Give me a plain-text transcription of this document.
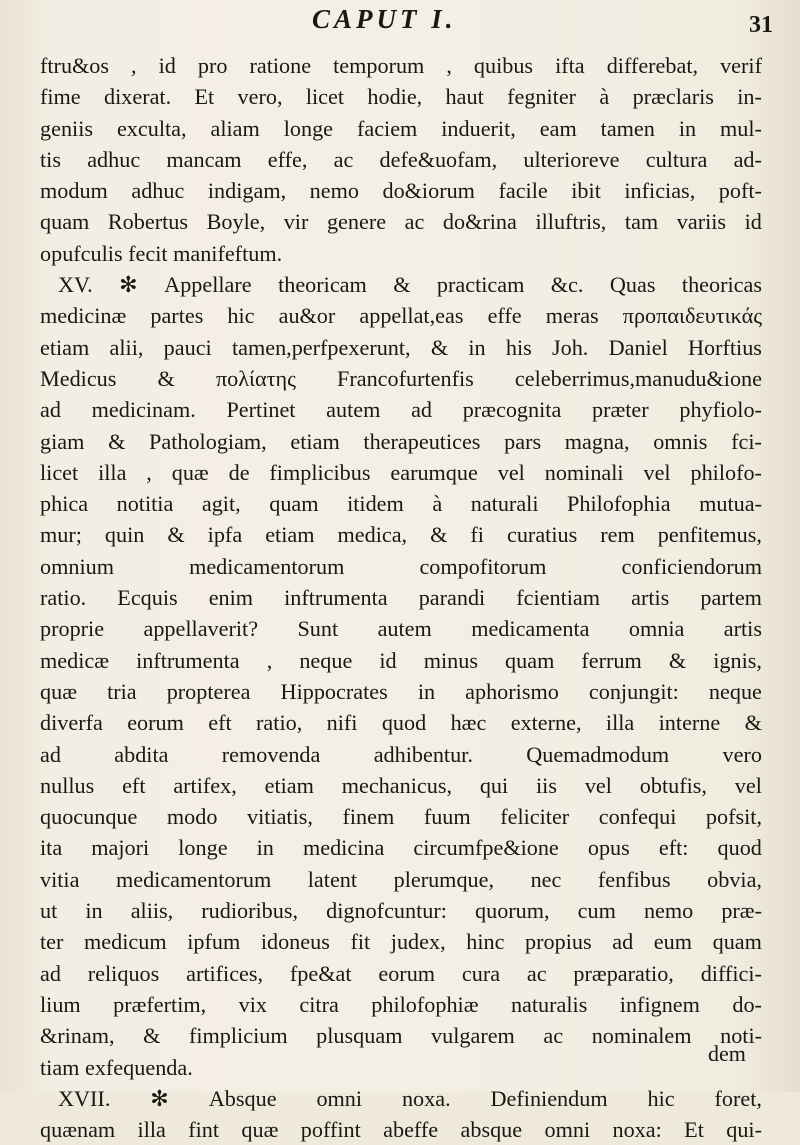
CAPUT I.	31
ftru&os , id pro ratione temporum , quibus ifta differebat, verif
fime dixerat. Et vero, licet hodie, haut fegniter à præclaris in-
geniis exculta, aliam longe faciem induerit, eam tamen in mul-
tis adhuc mancam effe, ac defe&uofam, ulterioreve cultura ad-
modum adhuc indigam, nemo do&iorum facile ibit inficias, poft-
quam Robertus Boyle, vir genere ac do&rina illuftris, tam variis id
opufculis fecit manifeftum.
XV. ✻ Appellare theoricam & practicam &c. Quas theoricas
medicinæ partes hic au&or appellat,eas effe meras προπαιδευτικάς
etiam alii, pauci tamen,perfpexerunt, & in his Joh. Daniel Horftius
Medicus & πολίατης Francofurtenfis celeberrimus,manudu&ione
ad medicinam. Pertinet autem ad præcognita præter phyfiolo-
giam & Pathologiam, etiam therapeutices pars magna, omnis fci-
licet illa , quæ de fimplicibus earumque vel nominali vel philofo-
phica notitia agit, quam itidem à naturali Philofophia mutua-
mur; quin & ipfa etiam medica, & fi curatius rem penfitemus,
omnium	medicamentorum	compofitorum	conficiendorum
ratio. Ecquis enim inftrumenta parandi fcientiam artis partem
proprie appellaverit? Sunt autem medicamenta omnia artis
medicæ inftrumenta , neque id minus quam ferrum & ignis,
quæ tria propterea Hippocrates in aphorismo conjungit: neque
diverfa eorum eft ratio, nifi quod hæc externe, illa interne &
ad abdita removenda adhibentur. Quemadmodum vero
nullus eft artifex, etiam mechanicus, qui iis vel obtufis, vel
quocunque modo vitiatis, finem fuum feliciter confequi pofsit,
ita majori longe in medicina circumfpe&ione opus eft: quod
vitia medicamentorum latent plerumque, nec fenfibus obvia,
ut in aliis, rudioribus, dignofcuntur: quorum, cum nemo præ-
ter medicum ipfum idoneus fit judex, hinc propius ad eum quam
ad reliquos artifices, fpe&at eorum cura ac præparatio, diffici-
lium præfertim, vix citra philofophiæ naturalis infignem do-
&rinam, & fimplicium plusquam vulgarem ac nominalem noti-
tiam exfequenda.
XVII. ✻ Absque omni noxa. Definiendum hic foret,
quænam illa fint quæ poffint abeffe absque omni noxa: Et qui-
dem
